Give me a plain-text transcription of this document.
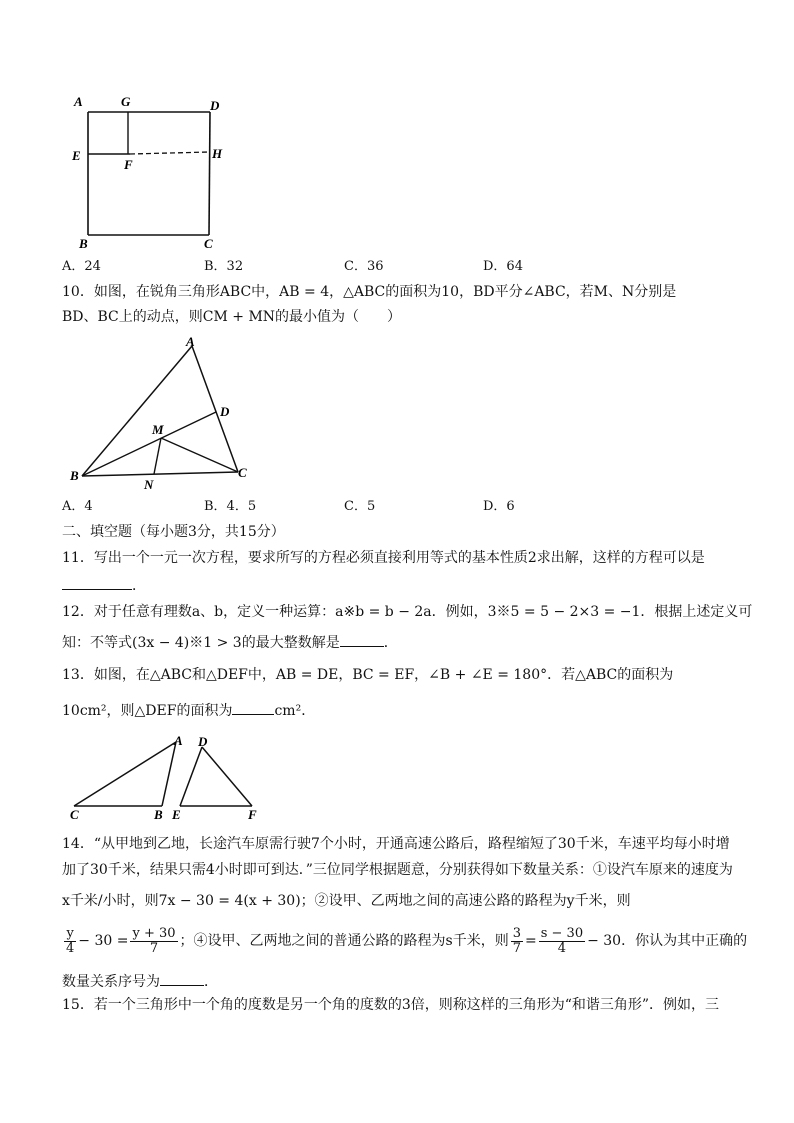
A	G	D
E
F
H
B	C
A．24	B．32	C．36	D．64
10．如图，在锐角三角形ABC中，AB = 4，△ABC的面积为10，BD平分∠ABC，若M、N分别是
BD、BC上的动点，则CM + MN的最小值为（　　）
A
D
M
B
N
C
A．4	B．4．5	C．5	D．6
二、填空题（每小题3分，共15分）
11．写出一个一元一次方程，要求所写的方程必须直接利用等式的基本性质2求出解，这样的方程可以是
．
12．对于任意有理数a、b，定义一种运算：a※b = b − 2a．例如，3※5 = 5 − 2×3 = −1．根据上述定义可
知：不等式(3x − 4)※1 > 3的最大整数解是	．
13．如图，在△ABC和△DEF中，AB = DE，BC = EF，∠B + ∠E = 180°．若△ABC的面积为
10cm²，则△DEF的面积为	cm²．
A D
C	B E	F
14．“从甲地到乙地，长途汽车原需行驶7个小时，开通高速公路后，路程缩短了30千米，车速平均每小时增
加了30千米，结果只需4小时即可到达．”三位同学根据题意，分别获得如下数量关系：①设汽车原来的速度为
x千米/小时，则7x − 30 = 4(x + 30)；②设甲、乙两地之间的高速公路的路程为y千米，则
$\frac{y}{4} - 30 = \frac{y + 30}{7}$ ；④设甲、乙两地之间的普通公路的路程为s千米，则 $\frac{3}{7} = \frac{s - 30}{4} - 30$．你认为其中正确的
数量关系序号为	．
15．若一个三角形中一个角的度数是另一个角的度数的3倍，则称这样的三角形为“和谐三角形”．例如，三
